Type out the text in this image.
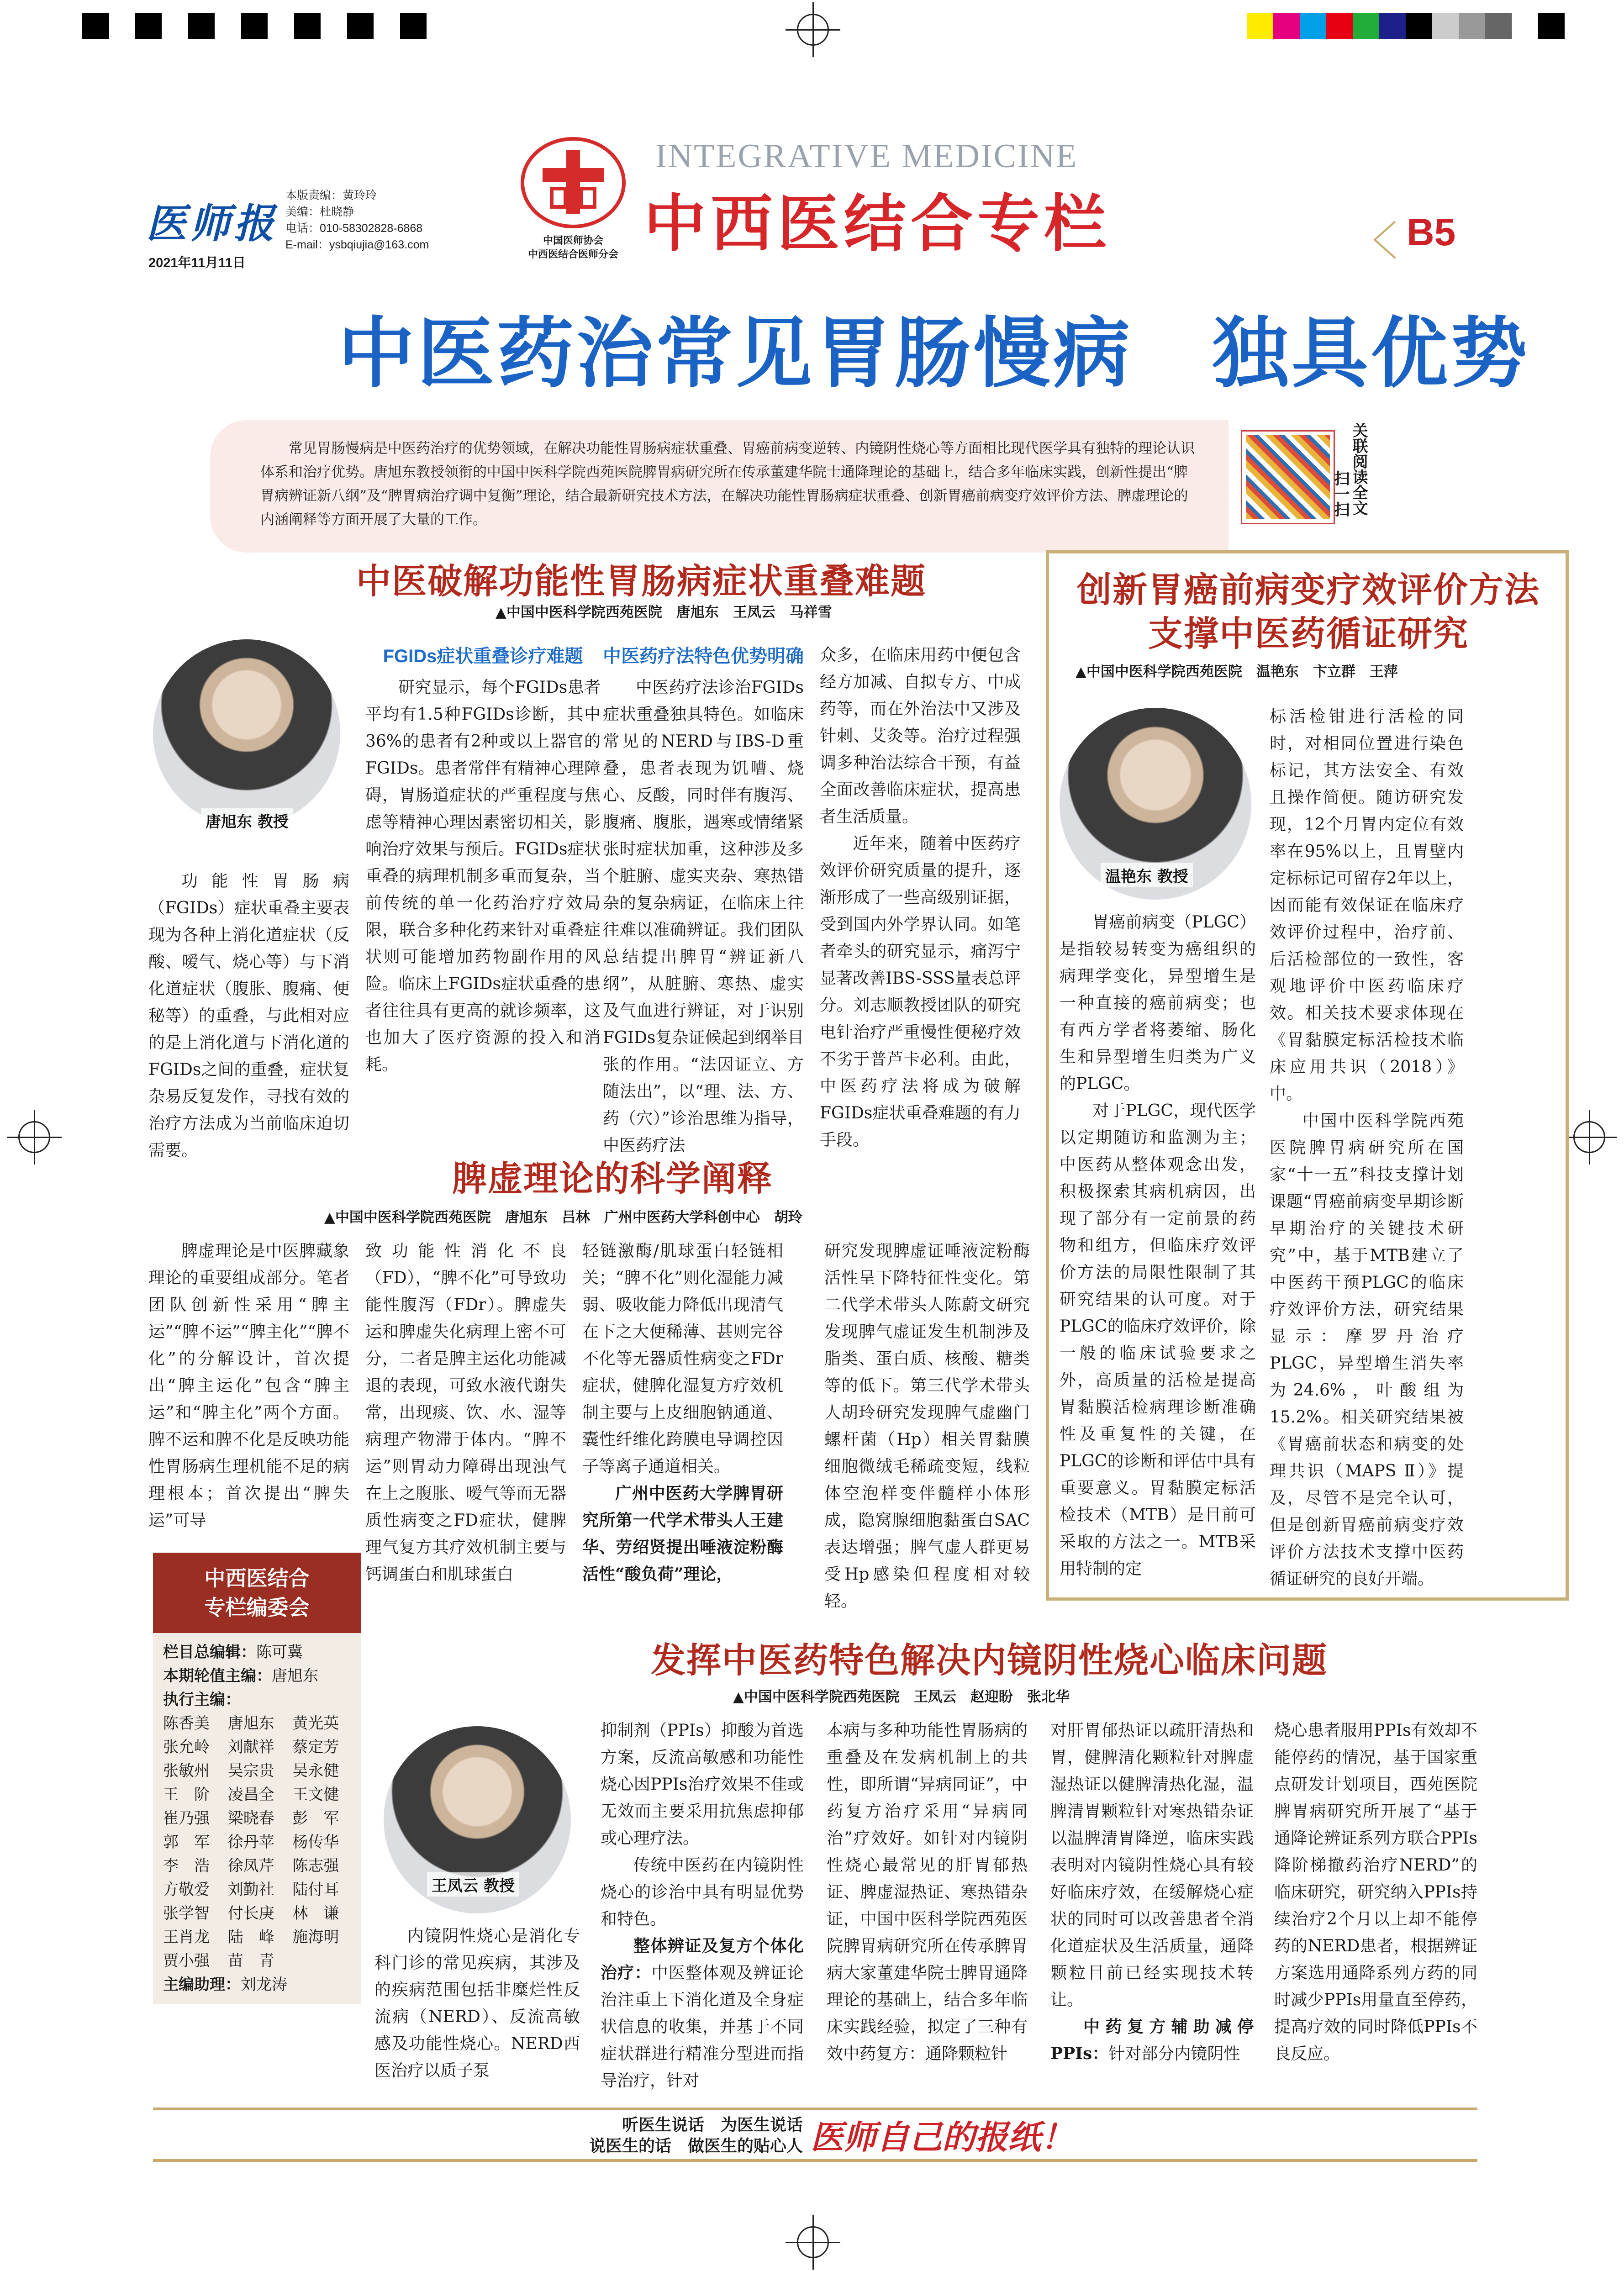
医师报
本版责编：黄玲玲
美编：杜晓静
电话：010-58302828-6868
E-mail：ysbqiujia@163.com
2021年11月11日
中国医师协会
中西医结合医师分会
INTEGRATIVE MEDICINE
中西医结合专栏	B5
中医药治常见胃肠慢病　独具优势
常见胃肠慢病是中医药治疗的优势领域，在解决功能性胃肠病症状重叠、胃癌前病变逆转、内镜阴性烧心等方面相比现代医学具有独特的理论认识体系和治疗优势。唐旭东教授领衔的中国中医科学院西苑医院脾胃病研究所在传承董建华院士通降理论的基础上，结合多年临床实践，创新性提出“脾胃病辨证新八纲”及“脾胃病治疗调中复衡”理论，结合最新研究技术方法，在解决功能性胃肠病症状重叠、创新胃癌前病变疗效评价方法、脾虚理论的内涵阐释等方面开展了大量的工作。
关联阅读全文
扫一扫
中医破解功能性胃肠病症状重叠难题
▲中国中医科学院西苑医院　唐旭东　王凤云　马祥雪
唐旭东 教授

功能性胃肠病（FGIDs）症状重叠主要表现为各种上消化道症状（反酸、嗳气、烧心等）与下消化道症状（腹胀、腹痛、便秘等）的重叠，与此相对应的是上消化道与下消化道的FGIDs之间的重叠，症状复杂易反复发作，寻找有效的治疗方法成为当前临床迫切需要。

FGIDs症状重叠诊疗难题

研究显示，每个FGIDs患者平均有1.5种FGIDs诊断，其中36%的患者有2种或以上器官的FGIDs。患者常伴有精神心理障碍，胃肠道症状的严重程度与焦虑等精神心理因素密切相关，影响治疗效果与预后。FGIDs症状重叠的病理机制多重而复杂，当前传统的单一化药治疗疗效局限，联合多种化药来针对重叠症状则可能增加药物副作用的风险。临床上FGIDs症状重叠的患者往往具有更高的就诊频率，这也加大了医疗资源的投入和消耗。

中医药疗法特色优势明确

中医药疗法诊治FGIDs症状重叠独具特色。如临床常见的NERD与IBS-D重叠，患者表现为饥嘈、烧心、反酸，同时伴有腹泻、腹痛、腹胀，遇寒或情绪紧张时症状加重，这种涉及多个脏腑、虚实夹杂、寒热错杂的复杂病证，在临床上往往难以准确辨证。我们团队总结提出脾胃“辨证新八纲”，从脏腑、寒热、虚实及气血进行辨证，对于识别FGIDs复杂证候起到纲举目张的作用。“法因证立、方随法出”，以“理、法、方、药（穴）”诊治思维为指导，中医药疗法

众多，在临床用药中便包含经方加减、自拟专方、中成药等，而在外治法中又涉及针刺、艾灸等。治疗过程强调多种治法综合干预，有益全面改善临床症状，提高患者生活质量。

近年来，随着中医药疗效评价研究质量的提升，逐渐形成了一些高级别证据，受到国内外学界认同。如笔者牵头的研究显示，痛泻宁显著改善IBS-SSS量表总评分。刘志顺教授团队的研究电针治疗严重慢性便秘疗效不劣于普芦卡必利。由此，中医药疗法将成为破解FGIDs症状重叠难题的有力手段。

创新胃癌前病变疗效评价方法支撑中医药循证研究
▲中国中医科学院西苑医院　温艳东　卞立群　王萍
温艳东 教授

胃癌前病变（PLGC）是指较易转变为癌组织的病理学变化，异型增生是一种直接的癌前病变；也有西方学者将萎缩、肠化生和异型增生归类为广义的PLGC。

对于PLGC，现代医学以定期随访和监测为主；中医药从整体观念出发，积极探索其病机病因，出现了部分有一定前景的药物和组方，但临床疗效评价方法的局限性限制了其研究结果的认可度。对于PLGC的临床疗效评价，除一般的临床试验要求之外，高质量的活检是提高胃黏膜活检病理诊断准确性及重复性的关键，在PLGC的诊断和评估中具有重要意义。胃黏膜定标活检技术（MTB）是目前可采取的方法之一。MTB采用特制的定

标活检钳进行活检的同时，对相同位置进行染色标记，其方法安全、有效且操作简便。随访研究发现，12个月胃内定位有效率在95%以上，且胃壁内定标标记可留存2年以上，因而能有效保证在临床疗效评价过程中，治疗前、后活检部位的一致性，客观地评价中医药临床疗效。相关技术要求体现在《胃黏膜定标活检技术临床应用共识（2018）》中。

中国中医科学院西苑医院脾胃病研究所在国家“十一五”科技支撑计划课题“胃癌前病变早期诊断早期治疗的关键技术研究”中，基于MTB建立了中医药干预PLGC的临床疗效评价方法，研究结果显示：摩罗丹治疗PLGC，异型增生消失率为24.6%，叶酸组为15.2%。相关研究结果被《胃癌前状态和病变的处理共识（MAPS Ⅱ）》提及，尽管不是完全认可，但是创新胃癌前病变疗效评价方法技术支撑中医药循证研究的良好开端。

脾虚理论的科学阐释
▲中国中医科学院西苑医院　唐旭东　吕林　广州中医药大学科创中心　胡玲

脾虚理论是中医脾藏象理论的重要组成部分。笔者团队创新性采用“脾主运”“脾不运”“脾主化”“脾不化”的分解设计，首次提出“脾主运化”包含“脾主运”和“脾主化”两个方面。脾不运和脾不化是反映功能性胃肠病生理机能不足的病理根本；首次提出“脾失运”可导

致功能性消化不良（FD），“脾不化”可导致功能性腹泻（FDr）。脾虚失运和脾虚失化病理上密不可分，二者是脾主运化功能减退的表现，可致水液代谢失常，出现痰、饮、水、湿等病理产物滞于体内。“脾不运”则胃动力障碍出现浊气在上之腹胀、嗳气等而无器质性病变之FD症状，健脾理气复方其疗效机制主要与钙调蛋白和肌球蛋白
轻链激酶/肌球蛋白轻链相关；“脾不化”则化湿能力减弱、吸收能力降低出现清气在下之大便稀薄、甚则完谷不化等无器质性病变之FDr症状，健脾化湿复方疗效机制主要与上皮细胞钠通道、囊性纤维化跨膜电导调控因子等离子通道相关。

广州中医药大学脾胃研究所第一代学术带头人王建华、劳绍贤提出唾液淀粉酶活性“酸负荷”理论，

研究发现脾虚证唾液淀粉酶活性呈下降特征性变化。第二代学术带头人陈蔚文研究发现脾气虚证发生机制涉及脂类、蛋白质、核酸、糖类等的低下。第三代学术带头人胡玲研究发现脾气虚幽门螺杆菌（Hp）相关胃黏膜细胞微绒毛稀疏变短，线粒体空泡样变伴髓样小体形成，隐窝腺细胞黏蛋白SAC表达增强；脾气虚人群更易受Hp感染但程度相对较轻。
中西医结合
专栏编委会
栏目总编辑：陈可冀
本期轮值主编：唐旭东
执行主编：
陈香美	唐旭东	黄光英
张允岭	刘献祥	蔡定芳
张敏州	吴宗贵	吴永健
王　阶	凌昌全	王文健
崔乃强	梁晓春	彭　军
郭　军	徐丹苹	杨传华
李　浩	徐凤芹	陈志强
方敬爱	刘勤社	陆付耳
张学智	付长庚	林　谦
王肖龙	陆　峰	施海明
贾小强	苗　青
主编助理：刘龙涛
发挥中医药特色解决内镜阴性烧心临床问题
▲中国中医科学院西苑医院　王凤云　赵迎盼　张北华
王凤云 教授

内镜阴性烧心是消化专科门诊的常见疾病，其涉及的疾病范围包括非糜烂性反流病（NERD）、反流高敏感及功能性烧心。NERD西医治疗以质子泵

抑制剂（PPIs）抑酸为首选方案，反流高敏感和功能性烧心因PPIs治疗效果不佳或无效而主要采用抗焦虑抑郁或心理疗法。

传统中医药在内镜阴性烧心的诊治中具有明显优势和特色。

整体辨证及复方个体化治疗：中医整体观及辨证论治注重上下消化道及全身症状信息的收集，并基于不同症状群进行精准分型进而指导治疗，针对

本病与多种功能性胃肠病的重叠及在发病机制上的共性，即所谓“异病同证”，中药复方治疗采用“异病同治”疗效好。如针对内镜阴性烧心最常见的肝胃郁热证、脾虚湿热证、寒热错杂证，中国中医科学院西苑医院脾胃病研究所在传承脾胃病大家董建华院士脾胃通降理论的基础上，结合多年临床实践经验，拟定了三种有效中药复方：通降颗粒针
对肝胃郁热证以疏肝清热和胃，健脾清化颗粒针对脾虚湿热证以健脾清热化湿，温脾清胃颗粒针对寒热错杂证以温脾清胃降逆，临床实践表明对内镜阴性烧心具有较好临床疗效，在缓解烧心症状的同时可以改善患者全消化道症状及生活质量，通降颗粒目前已经实现技术转让。

中药复方辅助减停PPIs：针对部分内镜阴性

烧心患者服用PPIs有效却不能停药的情况，基于国家重点研发计划项目，西苑医院脾胃病研究所开展了“基于通降论辨证系列方联合PPIs降阶梯撤药治疗NERD”的临床研究，研究纳入PPIs持续治疗2个月以上却不能停药的NERD患者，根据辨证方案选用通降系列方药的同时减少PPIs用量直至停药，提高疗效的同时降低PPIs不良反应。
听医生说话　为医生说话
说医生的话　做医生的贴心人 医师自己的报纸！
